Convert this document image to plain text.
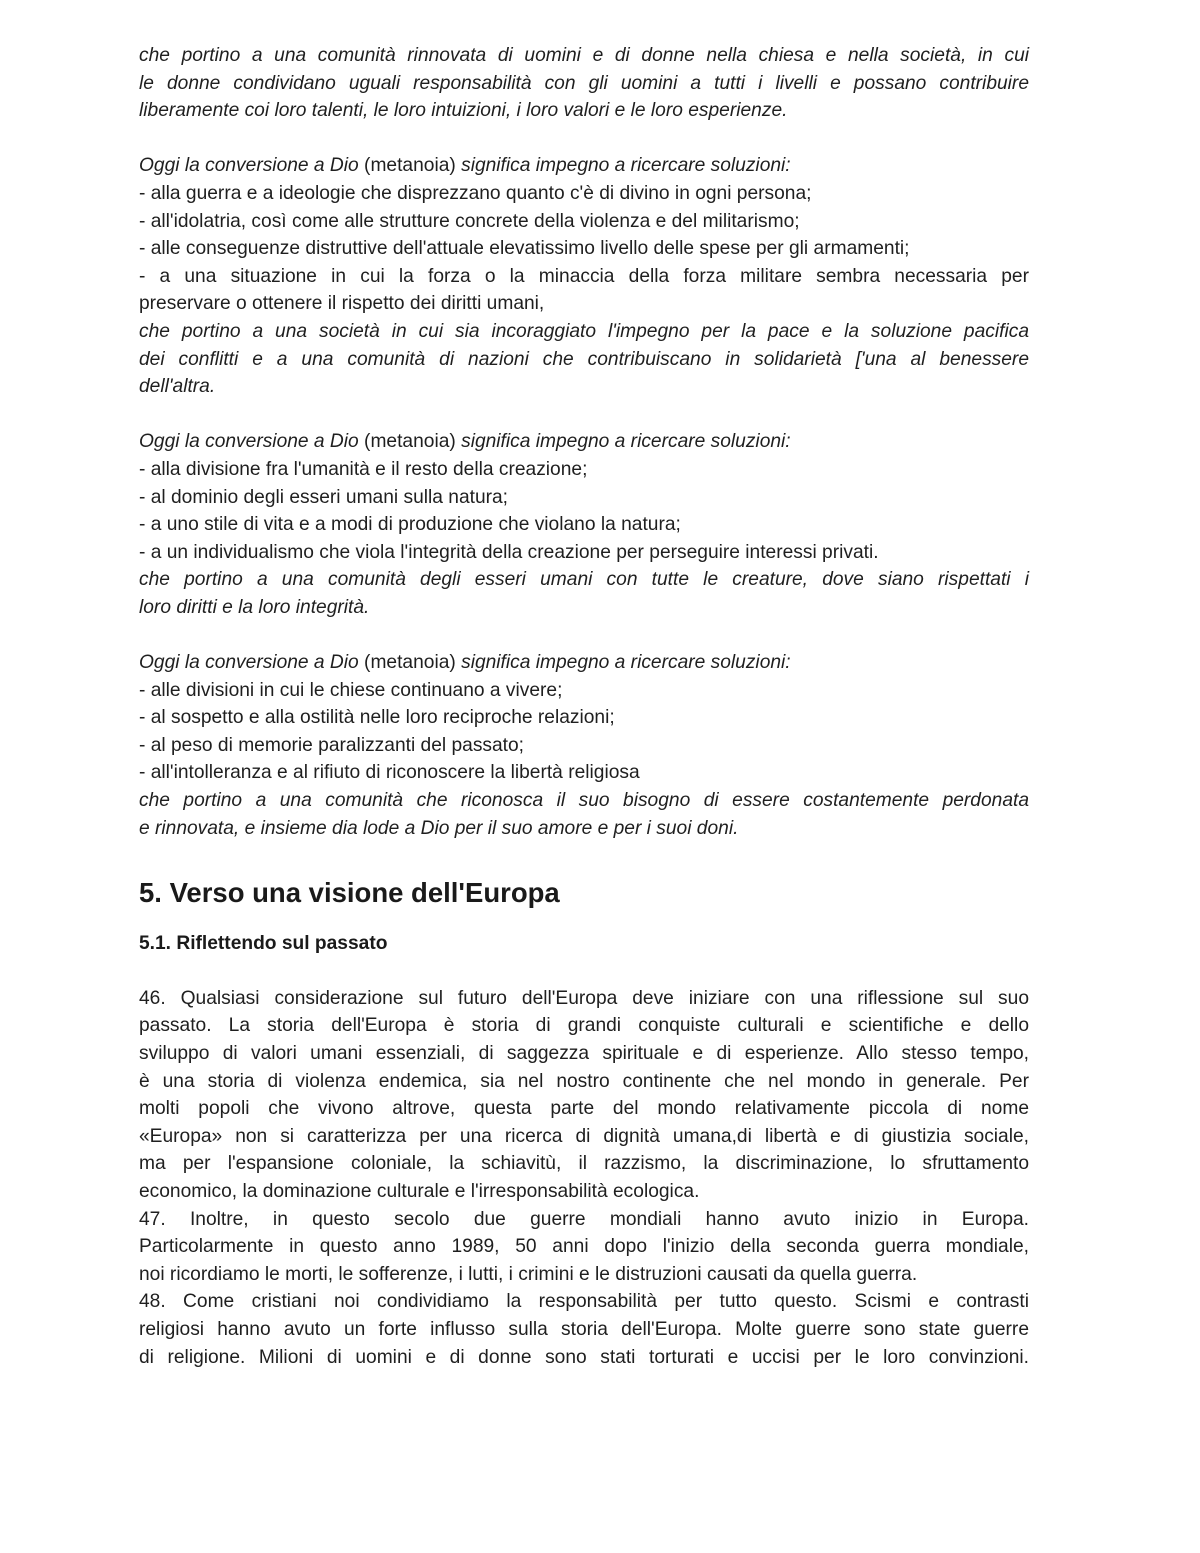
che portino a una comunità rinnovata di uomini e di donne nella chiesa e nella società, in cui
le donne condividano uguali responsabilità con gli uomini a tutti i livelli e possano contribuire
liberamente coi loro talenti, le loro intuizioni, i loro valori e le loro esperienze.
Oggi la conversione a Dio (metanoia) significa impegno a ricercare soluzioni:
- alla guerra e a ideologie che disprezzano quanto c'è di divino in ogni persona;
- all'idolatria, così come alle strutture concrete della violenza e del militarismo;
- alle conseguenze distruttive dell'attuale elevatissimo livello delle spese per gli armamenti;
- a una situazione in cui la forza o la minaccia della forza militare sembra necessaria per
preservare o ottenere il rispetto dei diritti umani,
che portino a una società in cui sia incoraggiato l'impegno per la pace e la soluzione pacifica
dei conflitti e a una comunità di nazioni che contribuiscano in solidarietà ['una al benessere
dell'altra.
Oggi la conversione a Dio (metanoia) significa impegno a ricercare soluzioni:
- alla divisione fra l'umanità e il resto della creazione;
- al dominio degli esseri umani sulla natura;
- a uno stile di vita e a modi di produzione che violano la natura;
- a un individualismo che viola l'integrità della creazione per perseguire interessi privati.
che portino a una comunità degli esseri umani con tutte le creature, dove siano rispettati i
loro diritti e la loro integrità.
Oggi la conversione a Dio (metanoia) significa impegno a ricercare soluzioni:
- alle divisioni in cui le chiese continuano a vivere;
- al sospetto e alla ostilità nelle loro reciproche relazioni;
- al peso di memorie paralizzanti del passato;
- all'intolleranza e al rifiuto di riconoscere la libertà religiosa
che portino a una comunità che riconosca il suo bisogno di essere costantemente perdonata
e rinnovata, e insieme dia lode a Dio per il suo amore e per i suoi doni.
5. Verso una visione dell'Europa
5.1. Riflettendo sul passato
46. Qualsiasi considerazione sul futuro dell'Europa deve iniziare con una riflessione sul suo
passato. La storia dell'Europa è storia di grandi conquiste culturali e scientifiche e dello
sviluppo di valori umani essenziali, di saggezza spirituale e di esperienze. Allo stesso tempo,
è una storia di violenza endemica, sia nel nostro continente che nel mondo in generale. Per
molti popoli che vivono altrove, questa parte del mondo relativamente piccola di nome
«Europa» non si caratterizza per una ricerca di dignità umana,di libertà e di giustizia sociale,
ma per l'espansione coloniale, la schiavitù, il razzismo, la discriminazione, lo sfruttamento
economico, la dominazione culturale e l'irresponsabilità ecologica.
47. Inoltre, in questo secolo due guerre mondiali hanno avuto inizio in Europa.
Particolarmente in questo anno 1989, 50 anni dopo l'inizio della seconda guerra mondiale,
noi ricordiamo le morti, le sofferenze, i lutti, i crimini e le distruzioni causati da quella guerra.
48. Come cristiani noi condividiamo la responsabilità per tutto questo. Scismi e contrasti
religiosi hanno avuto un forte influsso sulla storia dell'Europa. Molte guerre sono state guerre
di religione. Milioni di uomini e di donne sono stati torturati e uccisi per le loro convinzioni.
